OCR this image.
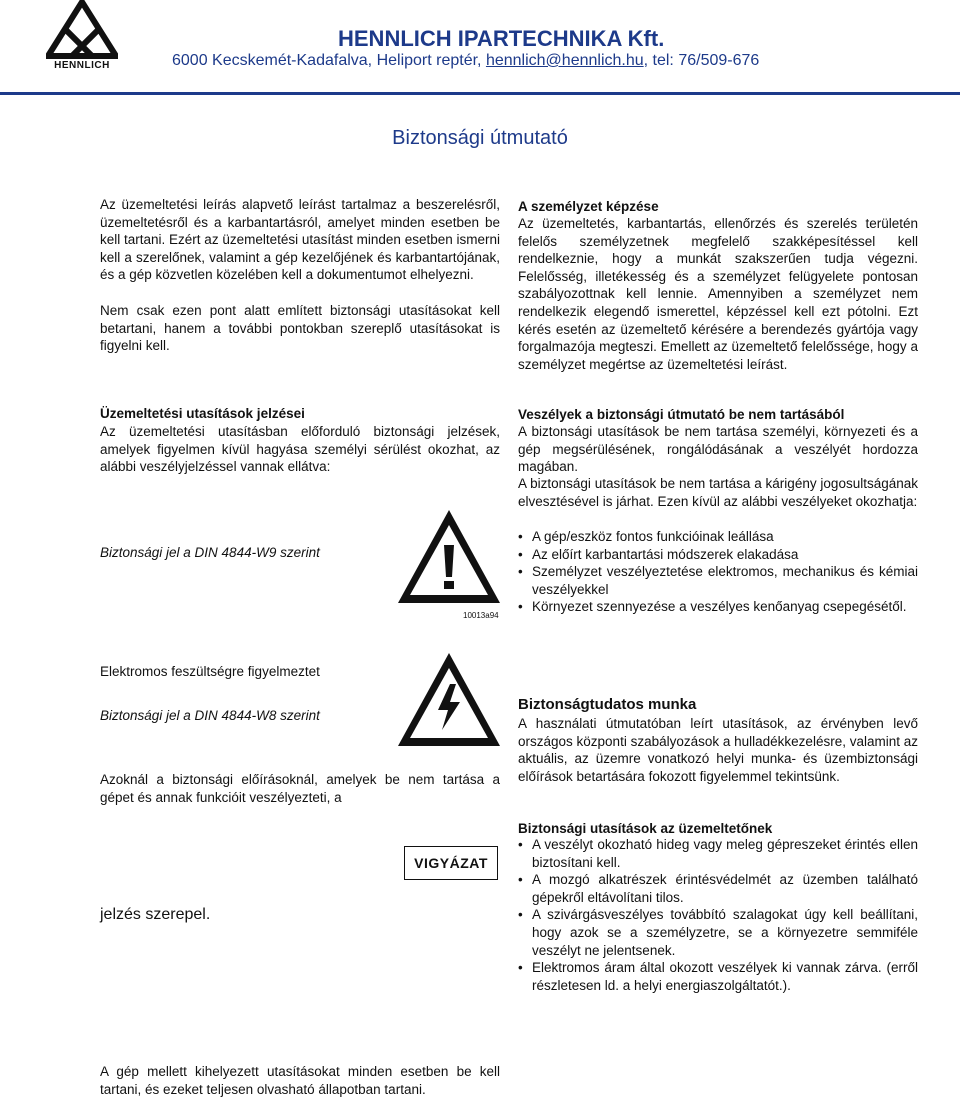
HENNLICH
HENNLICH IPARTECHNIKA Kft.
6000 Kecskemét-Kadafalva, Heliport reptér, hennlich@hennlich.hu, tel: 76/509-676
Biztonsági útmutató
Az üzemeltetési leírás alapvető leírást tartalmaz a beszerelésről, üzemeltetésről és a karbantartásról, amelyet minden esetben be kell tartani. Ezért az üzemeltetési utasítást minden esetben ismerni kell a szerelőnek, valamint a gép kezelőjének és karbantartójának, és a gép közvetlen közelében kell a dokumentumot elhelyezni.
Nem csak ezen pont alatt említett biztonsági utasításokat kell betartani, hanem a további pontokban szereplő utasításokat is figyelni kell.
Üzemeltetési utasítások jelzései
Az üzemeltetési utasításban előforduló biztonsági jelzések, amelyek figyelmen kívül hagyása személyi sérülést okozhat, az alábbi veszélyjelzéssel vannak ellátva:
Biztonsági jel a DIN 4844-W9 szerint
10013a94
Elektromos feszültségre figyelmeztet
Biztonsági jel a DIN 4844-W8 szerint
Azoknál a biztonsági előírásoknál, amelyek be nem tartása a gépet és annak funkcióit veszélyezteti, a
VIGYÁZAT
jelzés szerepel.
A gép mellett kihelyezett utasításokat minden esetben be kell tartani, és ezeket teljesen olvasható állapotban tartani.
A személyzet képzése
Az üzemeltetés, karbantartás, ellenőrzés és szerelés területén felelős személyzetnek megfelelő szakképesítéssel kell rendelkeznie, hogy a munkát szakszerűen tudja végezni. Felelősség, illetékesség és a személyzet felügyelete pontosan szabályozottnak kell lennie. Amennyiben a személyzet nem rendelkezik elegendő ismerettel, képzéssel kell ezt pótolni. Ezt kérés esetén az üzemeltető kérésére a berendezés gyártója vagy forgalmazója megteszi. Emellett az üzemeltető felelőssége, hogy a személyzet megértse az üzemeltetési leírást.
Veszélyek a biztonsági útmutató be nem tartásából
A biztonsági utasítások be nem tartása személyi, környezeti és a gép megsérülésének, rongálódásának a veszélyét hordozza magában.
A biztonsági utasítások be nem tartása a kárigény jogosultságának elvesztésével is járhat. Ezen kívül az alábbi veszélyeket okozhatja:
• A gép/eszköz fontos funkcióinak leállása
• Az előírt karbantartási módszerek elakadása
• Személyzet veszélyeztetése elektromos, mechanikus és kémiai veszélyekkel
• Környezet szennyezése a veszélyes kenőanyag csepegésétől.
Biztonságtudatos munka
A használati útmutatóban leírt utasítások, az érvényben levő országos központi szabályozások a hulladékkezelésre, valamint az aktuális, az üzemre vonatkozó helyi munka- és üzembiztonsági előírások betartására fokozott figyelemmel tekintsünk.
Biztonsági utasítások az üzemeltetőnek
• A veszélyt okozható hideg vagy meleg gépreszeket érintés ellen biztosítani kell.
• A mozgó alkatrészek érintésvédelmét az üzemben található gépekről eltávolítani tilos.
• A szivárgásveszélyes továbbító szalagokat úgy kell beállítani, hogy azok se a személyzetre, se a környezetre semmiféle veszélyt ne jelentsenek.
• Elektromos áram által okozott veszélyek ki vannak zárva. (erről részletesen ld. a helyi energiaszolgáltatót.).
